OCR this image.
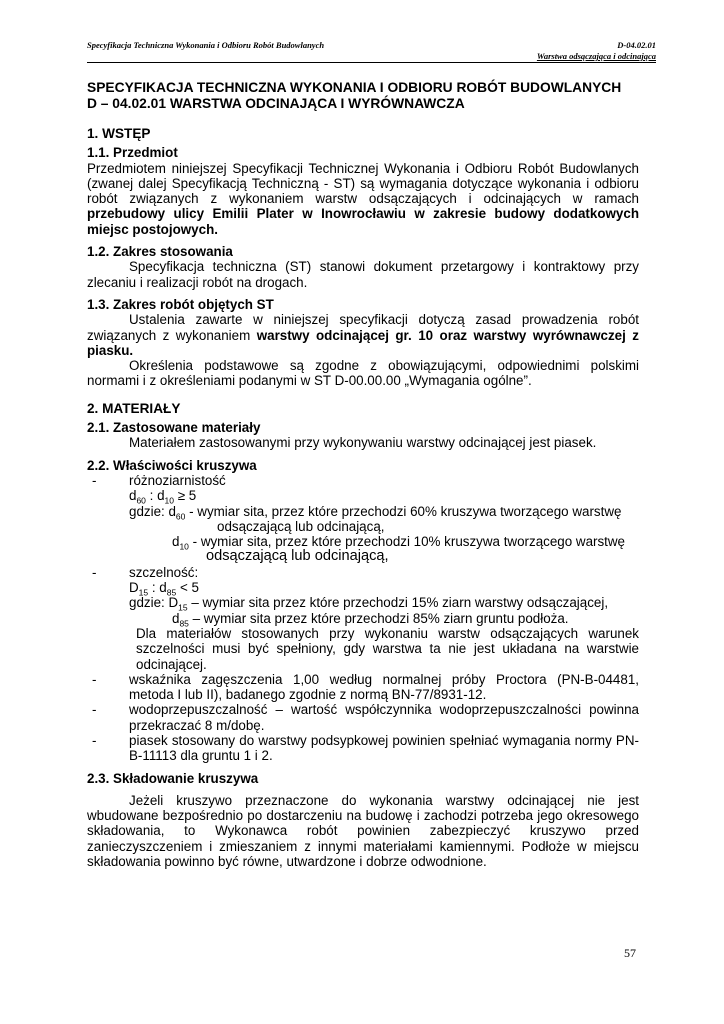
Specyfikacja Techniczna Wykonania i Odbioru Robót Budowlanych	D-04.02.01
Warstwa odsączająca i odcinająca
SPECYFIKACJA TECHNICZNA WYKONANIA I ODBIORU ROBÓT BUDOWLANYCH
D – 04.02.01 WARSTWA ODCINAJĄCA I WYRÓWNAWCZA
1. WSTĘP
1.1. Przedmiot

Przedmiotem niniejszej Specyfikacji Technicznej Wykonania i Odbioru Robót Budowlanych (zwanej dalej Specyfikacją Techniczną - ST) są wymagania dotyczące wykonania i odbioru robót związanych z wykonaniem warstw odsączających i odcinających w ramach przebudowy ulicy Emilii Plater w Inowrocławiu w zakresie budowy dodatkowych miejsc postojowych.

1.2. Zakres stosowania

Specyfikacja techniczna (ST) stanowi dokument przetargowy i kontraktowy przy zlecaniu i realizacji robót na drogach.

1.3. Zakres robót objętych ST

Ustalenia zawarte w niniejszej specyfikacji dotyczą zasad prowadzenia robót związanych z wykonaniem warstwy odcinającej gr. 10 oraz warstwy wyrównawczej z piasku.

Określenia podstawowe są zgodne z obowiązującymi, odpowiednimi polskimi normami i z określeniami podanymi w ST D-00.00.00 „Wymagania ogólne”.

2. MATERIAŁY
2.1. Zastosowane materiały

Materiałem zastosowanymi przy wykonywaniu warstwy odcinającej jest piasek.

2.2. Właściwości kruszywa
- różnoziarnistość
$d_{60}$ : $d_{10} \ge 5$
gdzie: $d_{60}$ - wymiar sita, przez które przechodzi 60% kruszywa tworzącego warstwę
odsączającą lub odcinającą,
$d_{10}$ - wymiar sita, przez które przechodzi 10% kruszywa tworzącego warstwę
odsączającą lub odcinającą,
- szczelność:
$D_{15}$ : $d_{85} < 5$
gdzie: $D_{15}$ – wymiar sita przez które przechodzi 15% ziarn warstwy odsączającej,
$d_{85}$ – wymiar sita przez które przechodzi 85% ziarn gruntu podłoża.

Dla materiałów stosowanych przy wykonaniu warstw odsączających warunek szczelności musi być spełniony, gdy warstwa ta nie jest układana na warstwie odcinającej.

- wskaźnika zagęszczenia 1,00 według normalnej próby Proctora (PN-B-04481, metoda I lub II), badanego zgodnie z normą BN-77/8931-12.
- wodoprzepuszczalność – wartość współczynnika wodoprzepuszczalności powinna przekraczać 8 m/dobę.
- piasek stosowany do warstwy podsypkowej powinien spełniać wymagania normy PN-B-11113 dla gruntu 1 i 2.
2.3. Składowanie kruszywa

Jeżeli kruszywo przeznaczone do wykonania warstwy odcinającej nie jest wbudowane bezpośrednio po dostarczeniu na budowę i zachodzi potrzeba jego okresowego składowania, to Wykonawca robót powinien zabezpieczyć kruszywo przed zanieczyszczeniem i zmieszaniem z innymi materiałami kamiennymi. Podłoże w miejscu składowania powinno być równe, utwardzone i dobrze odwodnione.

57
